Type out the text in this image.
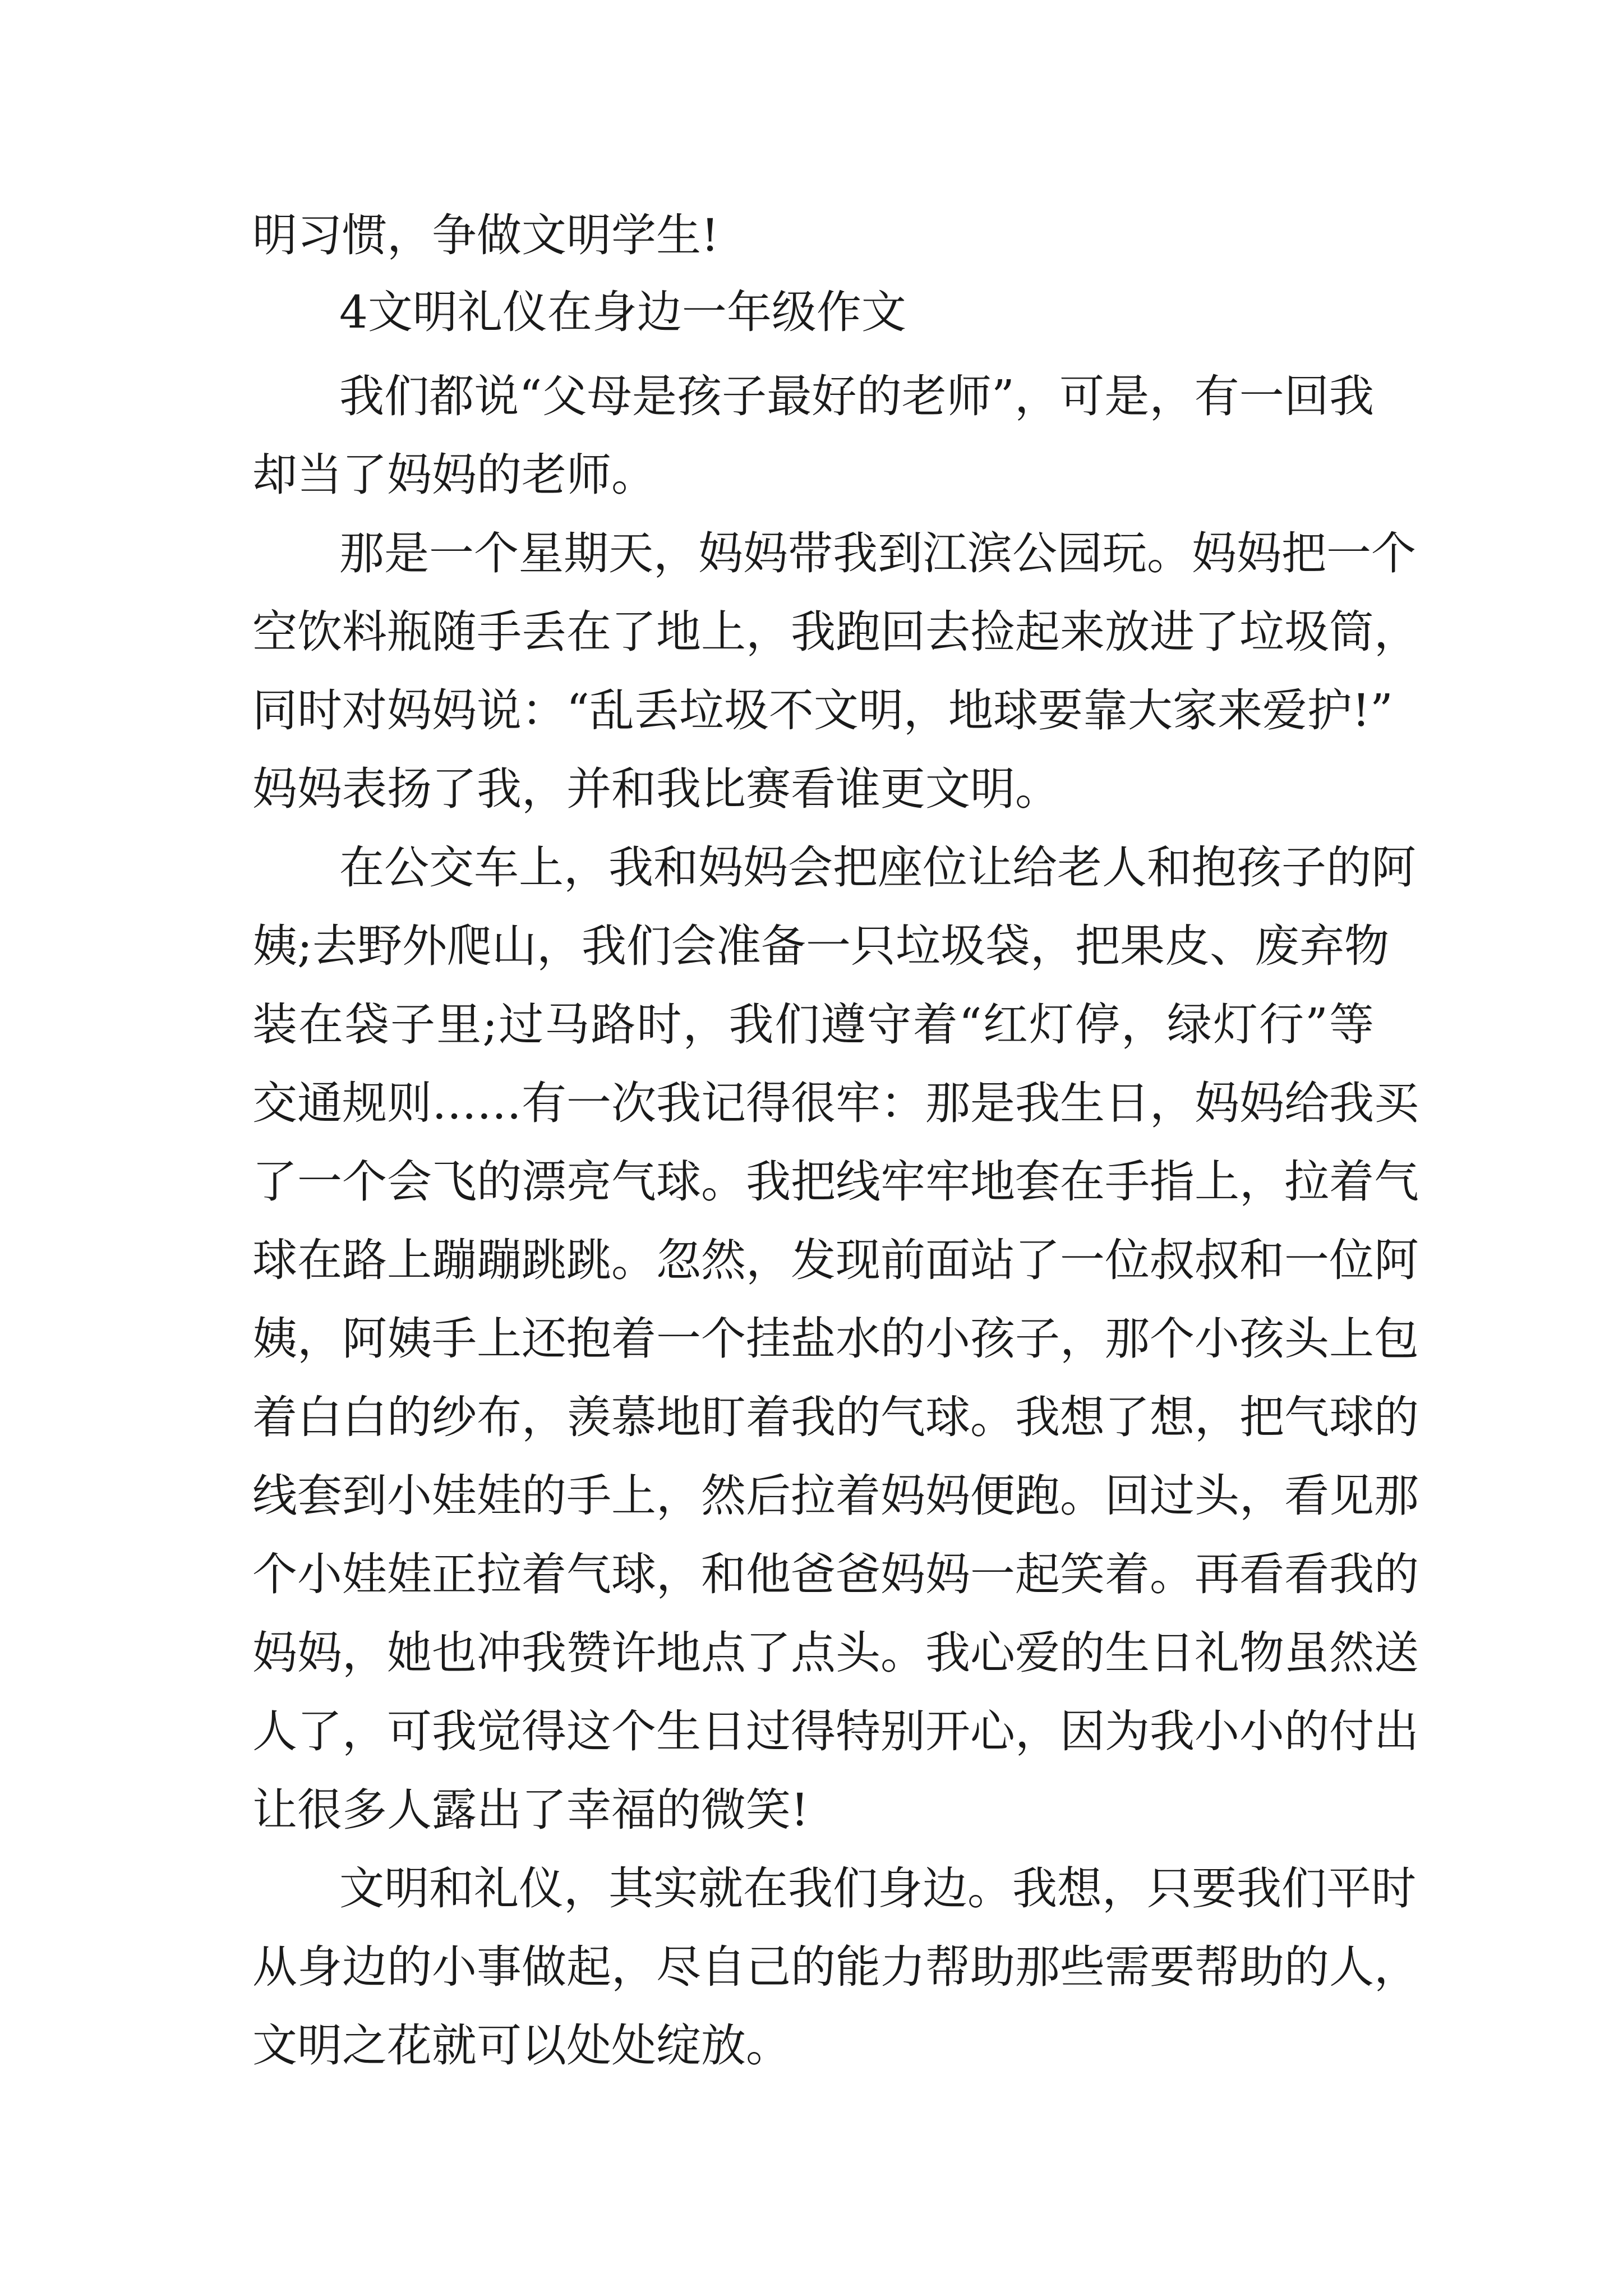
明习惯，争做文明学生!
4文明礼仪在身边一年级作文
我们都说“父母是孩子最好的老师”，可是，有一回我
却当了妈妈的老师。
那是一个星期天，妈妈带我到江滨公园玩。妈妈把一个
空饮料瓶随手丢在了地上，我跑回去捡起来放进了垃圾筒，
同时对妈妈说：“乱丢垃圾不文明，地球要靠大家来爱护!”
妈妈表扬了我，并和我比赛看谁更文明。
在公交车上，我和妈妈会把座位让给老人和抱孩子的阿
姨;去野外爬山，我们会准备一只垃圾袋，把果皮、废弃物
装在袋子里;过马路时，我们遵守着“红灯停，绿灯行”等
交通规则……有一次我记得很牢：那是我生日，妈妈给我买
了一个会飞的漂亮气球。我把线牢牢地套在手指上，拉着气
球在路上蹦蹦跳跳。忽然，发现前面站了一位叔叔和一位阿
姨，阿姨手上还抱着一个挂盐水的小孩子，那个小孩头上包
着白白的纱布，羡慕地盯着我的气球。我想了想，把气球的
线套到小娃娃的手上，然后拉着妈妈便跑。回过头，看见那
个小娃娃正拉着气球，和他爸爸妈妈一起笑着。再看看我的
妈妈，她也冲我赞许地点了点头。我心爱的生日礼物虽然送
人了，可我觉得这个生日过得特别开心，因为我小小的付出
让很多人露出了幸福的微笑!
文明和礼仪，其实就在我们身边。我想，只要我们平时
从身边的小事做起，尽自己的能力帮助那些需要帮助的人，
文明之花就可以处处绽放。
